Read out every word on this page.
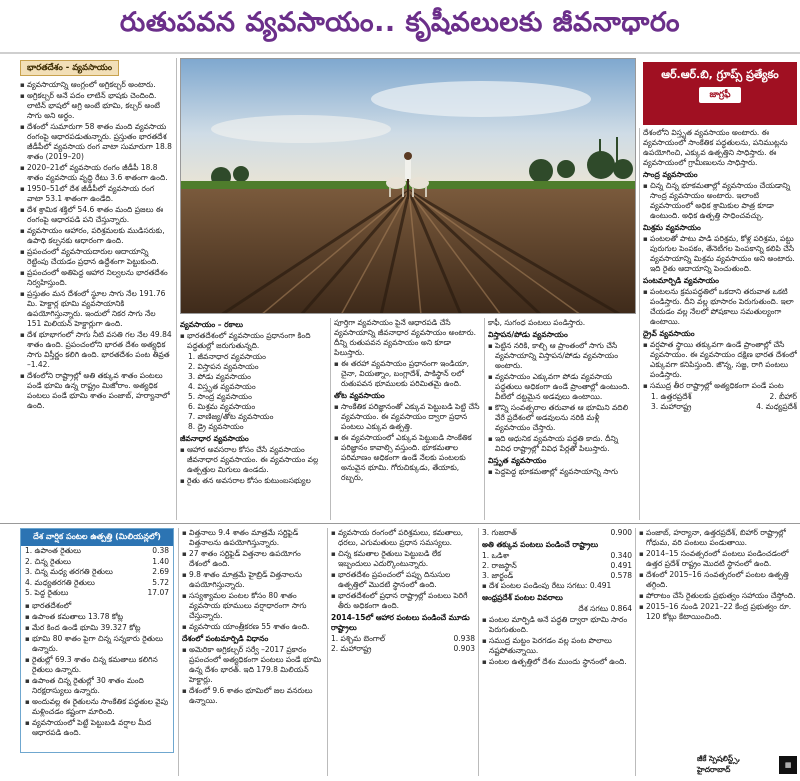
రుతుపవన వ్యవసాయం.. కృషీవలులకు జీవనాధారం
భారతదేశం - వ్యవసాయం
▪ వ్యవసాయాన్ని ఆంగ్లంలో అగ్రికల్చర్ అంటారు.
▪ అగ్రికల్చర్ అనే పదం లాటిన్ భాషకు చెందింది. లాటిన్ భాషలో అగ్రి అంటే భూమి, కల్చర్ అంటే సాగు అని అర్థం.
▪ దేశంలో సుమారుగా 58 శాతం మంది వ్యవసాయ రంగంపై ఆధారపడుతున్నారు. ప్రస్తుతం భారతదేశ జీడీపీలో వ్యవసాయ రంగ వాటా సుమారుగా 18.8 శాతం (2019–20)
▪ 2020–21లో వ్యవసాయ రంగం జీడీపీ 18.8 శాతం వ్యవసాయ వృద్ధి రేటు 3.6 శాతంగా ఉంది.
▪ 1950–51లో దేశ జీడీపీలో వ్యవసాయ రంగ వాటా 53.1 శాతంగా ఉండేది.
▪ దేశ శ్రామిక శక్తిలో 54.6 శాతం మంది ప్రజలు ఈ రంగంపై ఆధారపడి పని చేస్తున్నారు.
▪ వ్యవసాయం ఆహారం, పరిశ్రమలకు ముడిసరుకు, ఉపాధి కల్పనకు ఆధారంగా ఉంది.
▪ ప్రపంచంలో వ్యవసాయదారుల ఆదాయాన్ని రెట్టింపు చేయడం ప్రధాన ఉద్దేశంగా పెట్టుకుంది.
▪ ప్రపంచంలో అతిపెద్ద ఆహార నిల్వలను భారతదేశం నిర్వహిస్తుంది.
▪ ప్రస్తుతం మన దేశంలో స్థూల సాగు నేల 191.76 మి. హెక్టార్ల భూమి వ్యవసాయానికి ఉపయోగిస్తున్నారు. ఇందులో నికర సాగు నేల 151 మిలియన్ హెక్టార్లుగా ఉంది.
▪ దేశ భూభాగంలో సాగు నీటి వసతి గల నేల 49.84 శాతం ఉంది. ప్రపంచంలోని భారత దేశం అత్యధిక సాగు విస్తీర్ణం కలిగి ఉంది. భారతదేశం పంట తీవ్రత –1.42.
▪ దేశంలోని రాష్ట్రాల్లో అతి తక్కువ శాతం పంటలు పండే భూమి ఉన్న రాష్ట్రం మిజోరాం. అత్యధిక పంటలు పండే భూమి శాతం పంజాబ్, హర్యానాలో ఉంది.
ఆర్.ఆర్.బి, గ్రూప్స్ ప్రత్యేకం
జాగ్రఫీ
వ్యవసాయం – రకాలు
▪ భారతదేశంలో వ్యవసాయం ప్రధానంగా కింది పద్ధతుల్లో జరుగుతున్నది.
1. జీవనాధార వ్యవసాయం
2. విస్తాపన వ్యవసాయం
3. పోడు వ్యవసాయం
4. విస్తృత వ్యవసాయం
5. సాంద్ర వ్యవసాయం
6. మిశ్రమ వ్యవసాయం
7. వాణిజ్య/తోట వ్యవసాయం
8. డ్రై వ్యవసాయం
జీవనాధార వ్యవసాయం
▪ ఆహార అవసరాల కోసం చేసే వ్యవసాయం జీవనాధార వ్యవసాయం. ఈ వ్యవసాయం వల్ల ఉత్పత్తుల మిగులు ఉండదు.
▪ రైతు తన అవసరాల కోసం కుటుంబసభ్యుల

పూర్తిగా వ్యవసాయం పైనే ఆధారపడి చేసే వ్యవసాయాన్ని జీవనాధార వ్యవసాయం అంటారు. దీన్ని రుతుపవన వ్యవసాయం అని కూడా పిలుస్తారు.

▪ ఈ తరహా వ్యవసాయం ప్రధానంగా ఇండియా, చైనా, వియత్నాం, బంగ్లాదేశ్, పాకిస్థాన్ లలో రుతుపవన భూములకు పరిమితమై ఉంది.
తోట వ్యవసాయం
▪ సాంకేతిక పరిజ్ఞానంతో ఎక్కువ పెట్టుబడి పెట్టి చేసే వ్యవసాయం. ఈ వ్యవసాయం ద్వారా ప్రధాన పంటలు ఎక్కువ ఉత్పత్తి.
▪ ఈ వ్యవసాయంలో ఎక్కువ పెట్టుబడి సాంకేతిక పరిజ్ఞానం కావాల్సి వస్తుంది. భూకమతాల పరిమాణం అధికంగా ఉండే నేలకు పంటలకు అనువైన భూమి. గోరుచిక్కుడు, తేయాకు, రబ్బరు,

కాఫీ, సుగంధ పంటలు పండిస్తారు.

విస్తాపన/పోడు వ్యవసాయం
▪ పెట్టిన నరికి, కాల్చి ఆ ప్రాంతంలో సాగు చేసే వ్యవసాయాన్ని విస్తాపన/పోడు వ్యవసాయం అంటారు.
▪ వ్యవసాయం ఎక్కువగా పోడు వ్యవసాయ పద్ధతులు అధికంగా ఉండే ప్రాంతాల్లో ఉంటుంది. వీటిలో దట్టమైన అడవులు ఉంటాయి.
▪ కొన్ని సంవత్సరాల తరువాత ఆ భూమిని వదిలి వేరే ప్రదేశంలో అడవులను నరికి మళ్లీ వ్యవసాయం చేస్తారు.
▪ ఇది ఆధునిక వ్యవసాయ పద్ధతి కాదు. దీన్ని వివిధ రాష్ట్రాల్లో వివిధ పేర్లతో పిలుస్తారు.
విస్తృత వ్యవసాయం
▪ పెద్దపెద్ద భూకమతాల్లో వ్యవసాయాన్ని సాగు

దేశంలోని విస్తృత వ్యవసాయం అంటారు. ఈ వ్యవసాయంలో సాంకేతిక పద్ధతులను, పనిముట్లను ఉపయోగించి, ఎక్కువ ఉత్పత్తిని సాధిస్తారు. ఈ వ్యవసాయంలో గ్రామీణులను సాధిస్తారు.

సాంద్ర వ్యవసాయం
▪ చిన్న చిన్న భూకమతాల్లో వ్యవసాయం చేయడాన్ని సాంద్ర వ్యవసాయం అంటారు. ఇలాంటి వ్యవసాయంలో అధిక శ్రామికుల పాత్ర కూడా ఉంటుంది. అధిక ఉత్పత్తి సాధించవచ్చు.
మిశ్రమ వ్యవసాయం
▪ పంటలతో పాటు పాడి పరిశ్రమ, కోళ్ల పరిశ్రమ, పట్టు పురుగుల పెంపకం, తేనెటీగల పెంపకాన్ని కలిపి చేసే వ్యవసాయాన్ని మిశ్రమ వ్యవసాయం అని అంటారు. ఇది రైతు ఆదాయాన్ని పెంచుతుంది.
పంటమార్పిడి వ్యవసాయం
▪ పంటలను క్రమపద్ధతిలో ఒకదాని తరువాత ఒకటి పండిస్తారు. దీని వల్ల భూసారం పెరుగుతుంది. ఇలా చేయడం వల్ల నేలలో పోషకాలు సమతుల్యంగా ఉంటాయి.
ద్రైవ్ వ్యవసాయం
▪ వర్షపాత స్థాయి తక్కువగా ఉండే ప్రాంతాల్లో చేసే వ్యవసాయం. ఈ వ్యవసాయం దక్షిణ భారత దేశంలో ఎక్కువగా కనిపిస్తుంది. జొన్న, సజ్జ, రాగి పంటలు పండిస్తారు.
▪ సముద్ర తీర రాష్ట్రాల్లో అత్యధికంగా పండే పంట
1. ఉత్తరప్రదేశ్	2. బీహార్
3. మహారాష్ట్ర	4. మధ్యప్రదేశ్
దేశ వార్షిక పంటల ఉత్పత్తి (మిలియన్లలో)
1. ఉపాంత రైతులు	0.38
2. చిన్న రైతులు	1.40
3. చిన్న మధ్య తరగతి రైతులు	2.69
4. మధ్యతరగతి రైతులు	5.72
5. పెద్ద రైతులు	17.07
▪ • భారతదేశంలో
▪ • ఉపాంత కమతాలు 13.78 కోట్ల
▪ • మేర కింద ఉండే భూమి 39.327 కోట్ల
▪ • భూమి 80 శాతం పైగా చిన్న సన్నకారు రైతులు ఉన్నారు.
▪ • రైతుల్లో 69.3 శాతం చిన్న కమతాలు కలిగిన రైతులు ఉన్నారు.
▪ • ఉపాంత చిన్న రైతుల్లో 30 శాతం మంది నిరక్షరాస్యులు ఉన్నారు.
▪ • అందువల్ల ఈ రైతులను సాంకేతిక పద్ధతుల వైపు మళ్లించడం కష్టంగా మారింది.
▪ • వ్యవసాయంలో పెట్టే పెట్టుబడి వర్షాల మీద ఆధారపడి ఉంది.
▪ విత్తనాలు 9.4 శాతం మాత్రమే సర్టిఫైడ్ విత్తనాలను ఉపయోగిస్తున్నారు.
▪ 27 శాతం సర్టిఫైడ్ విత్తనాల ఉపయోగం దేశంలో ఉంది.
▪ 9.8 శాతం మాత్రమే హైబ్రిడ్ విత్తనాలను ఉపయోగిస్తున్నారు.
▪ సస్యశ్యామల పంటల కోసం 80 శాతం వ్యవసాయ భూములు వర్షాధారంగా సాగు చేస్తున్నారు.
▪ వ్యవసాయ యాంత్రీకరణ 55 శాతం ఉంది.
దేశంలో పంటమార్పిడి విధానం
▪ అమెరికా అగ్రికల్చర్ సర్వే –2017 ప్రకారం ప్రపంచంలో అత్యధికంగా పంటలు పండే భూమి ఉన్న దేశం భారత్. ఇది 179.8 మిలియన్ హెక్టార్లు.
▪ దేశంలో 9.6 శాతం భూమిలో జల వనరులు ఉన్నాయి.
▪ వ్యవసాయ రంగంలో పరిశ్రమలు, కమతాలు, ధరలు, ఎగుమతులు ప్రధాన సమస్యలు.
▪ చిన్న కమతాల రైతులు పెట్టుబడి లేక ఇబ్బందులు ఎదుర్కొంటున్నారు.
▪ భారతదేశం ప్రపంచంలో పప్పు దినుసుల ఉత్పత్తిలో మొదటి స్థానంలో ఉంది.
▪ భారతదేశంలో ప్రధాన రాష్ట్రాల్లో పంటలు పెరిగే తీరు అధికంగా ఉంది.
2014-15లో ఆహార పంటలు పండించే మూడు రాష్ట్రాలు
1. పశ్చిమ బెంగాల్	0.938
2. మహారాష్ట్ర	0.903
3. గుజరాత్	0.900
అతి తక్కువ పంటలు పండించే రాష్ట్రాలు
1. ఒడిశా	0.340
2. రాజస్థాన్	0.491
3. జార్ఖండ్	0.578
▪ దేశ పంటల పండింపు రేటు సగటు: 0.491
ఆంధ్రప్రదేశ్ పంటల వివరాలు

దేశ సగటు 0.864

▪ పంటల మార్పిడి అనే పద్ధతి ద్వారా భూమి సారం పెరుగుతుంది.
▪ సముద్ర మట్టం పెరగడం వల్ల పంట పొలాలు నష్టపోతున్నాయి.
▪ పంటల ఉత్పత్తిలో దేశం ముందు స్థానంలో ఉంది.
▪ పంజాబ్, హర్యానా, ఉత్తరప్రదేశ్, బిహార్ రాష్ట్రాల్లో గోధుమ, వరి పంటలు పండుతాయి.
▪ 2014–15 సంవత్సరంలో పంటలు పండించడంలో ఉత్తర ప్రదేశ్ రాష్ట్రం మొదటి స్థానంలో ఉంది.
▪ దేశంలో 2015–16 సంవత్సరంలో పంటల ఉత్పత్తి తగ్గింది.
▪ పోరాటం చేసే రైతులకు ప్రభుత్వం సహాయం చేస్తోంది.
▪ 2015–16 నుండి 2021–22 కేంద్ర ప్రభుత్వం రూ. 120 కోట్లు కేటాయించింది.
జీకే స్పెషలిస్ట్స్, హైదరాబాద్	▦
